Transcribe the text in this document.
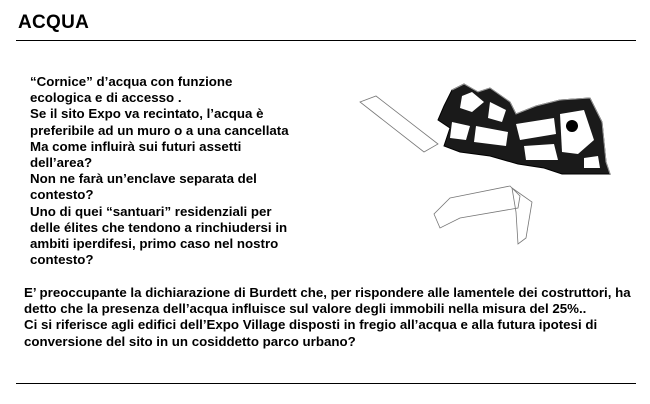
ACQUA
“Cornice” d’acqua con funzione
ecologica e di accesso .
Se il sito Expo va recintato, l’acqua è
preferibile ad un muro o a una cancellata
Ma come influirà sui futuri assetti
dell’area?
Non ne farà un’enclave separata del
contesto?
Uno di quei “santuari” residenziali per
delle élites che tendono a rinchiudersi in
ambiti iperdifesi, primo caso nel nostro
contesto?
E’ preoccupante la dichiarazione di Burdett che, per rispondere alle lamentele dei costruttori, ha
detto che la presenza dell’acqua influisce sul valore degli immobili nella misura del 25%..
Ci si riferisce agli edifici dell’Expo Village disposti in fregio all’acqua e alla futura ipotesi di
conversione del sito in un cosiddetto parco urbano?
